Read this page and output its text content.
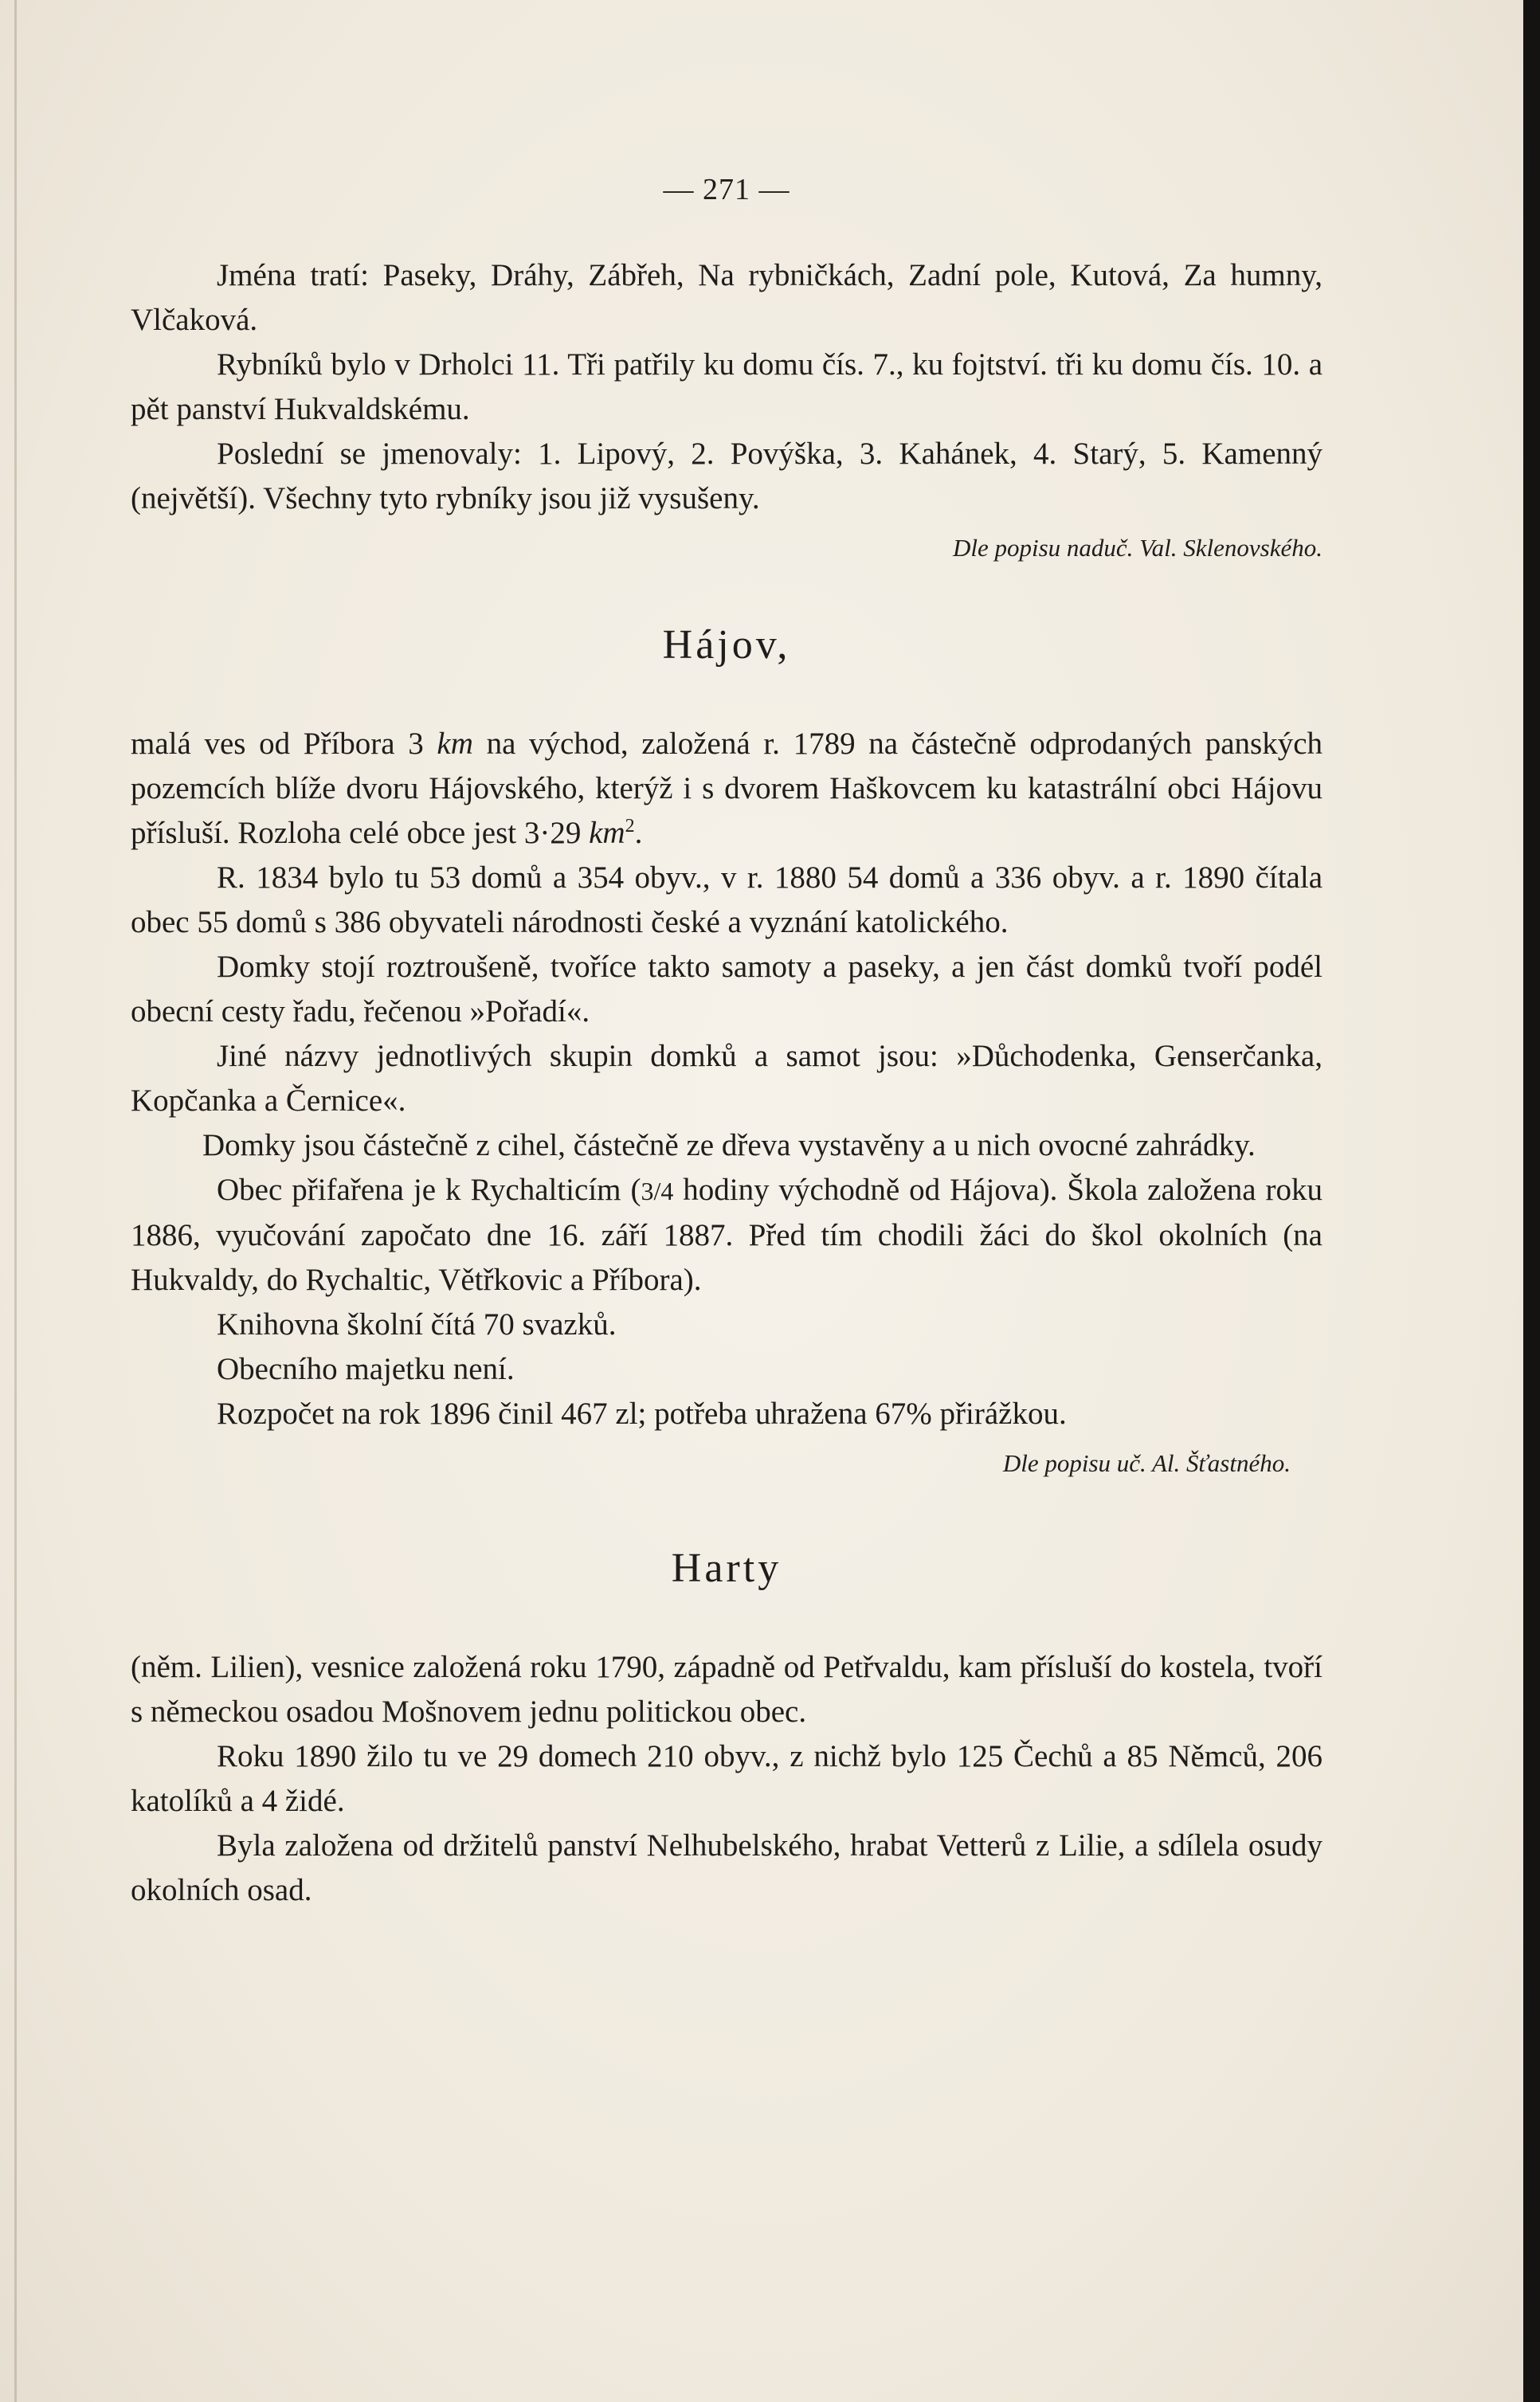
— 271 —

Jména tratí: Paseky, Dráhy, Zábřeh, Na rybničkách, Zadní pole, Kutová, Za humny, Vlčaková.

Rybníků bylo v Drholci 11. Tři patřily ku domu čís. 7., ku fojtství. tři ku domu čís. 10. a pět panství Hukvaldskému.

Poslední se jmenovaly: 1. Lipový, 2. Povýška, 3. Kahánek, 4. Starý, 5. Kamenný (největší). Všechny tyto rybníky jsou již vysušeny.

Dle popisu naduč. Val. Sklenovského.
Hájov,

malá ves od Příbora 3 km na východ, založená r. 1789 na částečně odprodaných panských pozemcích blíže dvoru Hájovského, kterýž i s dvorem Haškovcem ku katastrální obci Hájovu přísluší. Rozloha celé obce jest 3·29 $km^2$.

R. 1834 bylo tu 53 domů a 354 obyv., v r. 1880 54 domů a 336 obyv. a r. 1890 čítala obec 55 domů s 386 obyvateli národnosti české a vyznání katolického.

Domky stojí roztroušeně, tvoříce takto samoty a paseky, a jen část domků tvoří podél obecní cesty řadu, řečenou »Pořadí«.

Jiné názvy jednotlivých skupin domků a samot jsou: »Důchodenka, Genserčanka, Kopčanka a Černice«.

Domky jsou částečně z cihel, částečně ze dřeva vystavěny a u nich ovocné zahrádky.

Obec přifařena je k Rychalticím (3/4 hodiny východně od Hájova). Škola založena roku 1886, vyučování započato dne 16. září 1887. Před tím chodili žáci do škol okolních (na Hukvaldy, do Rychaltic, Větřkovic a Příbora).

Knihovna školní čítá 70 svazků.

Obecního majetku není.

Rozpočet na rok 1896 činil 467 zl; potřeba uhražena 67% přirážkou.

Dle popisu uč. Al. Šťastného.
Harty

(něm. Lilien), vesnice založená roku 1790, západně od Petřvaldu, kam přísluší do kostela, tvoří s německou osadou Mošnovem jednu politickou obec.

Roku 1890 žilo tu ve 29 domech 210 obyv., z nichž bylo 125 Čechů a 85 Němců, 206 katolíků a 4 židé.

Byla založena od držitelů panství Nelhubelského, hrabat Vetterů z Lilie, a sdílela osudy okolních osad.
